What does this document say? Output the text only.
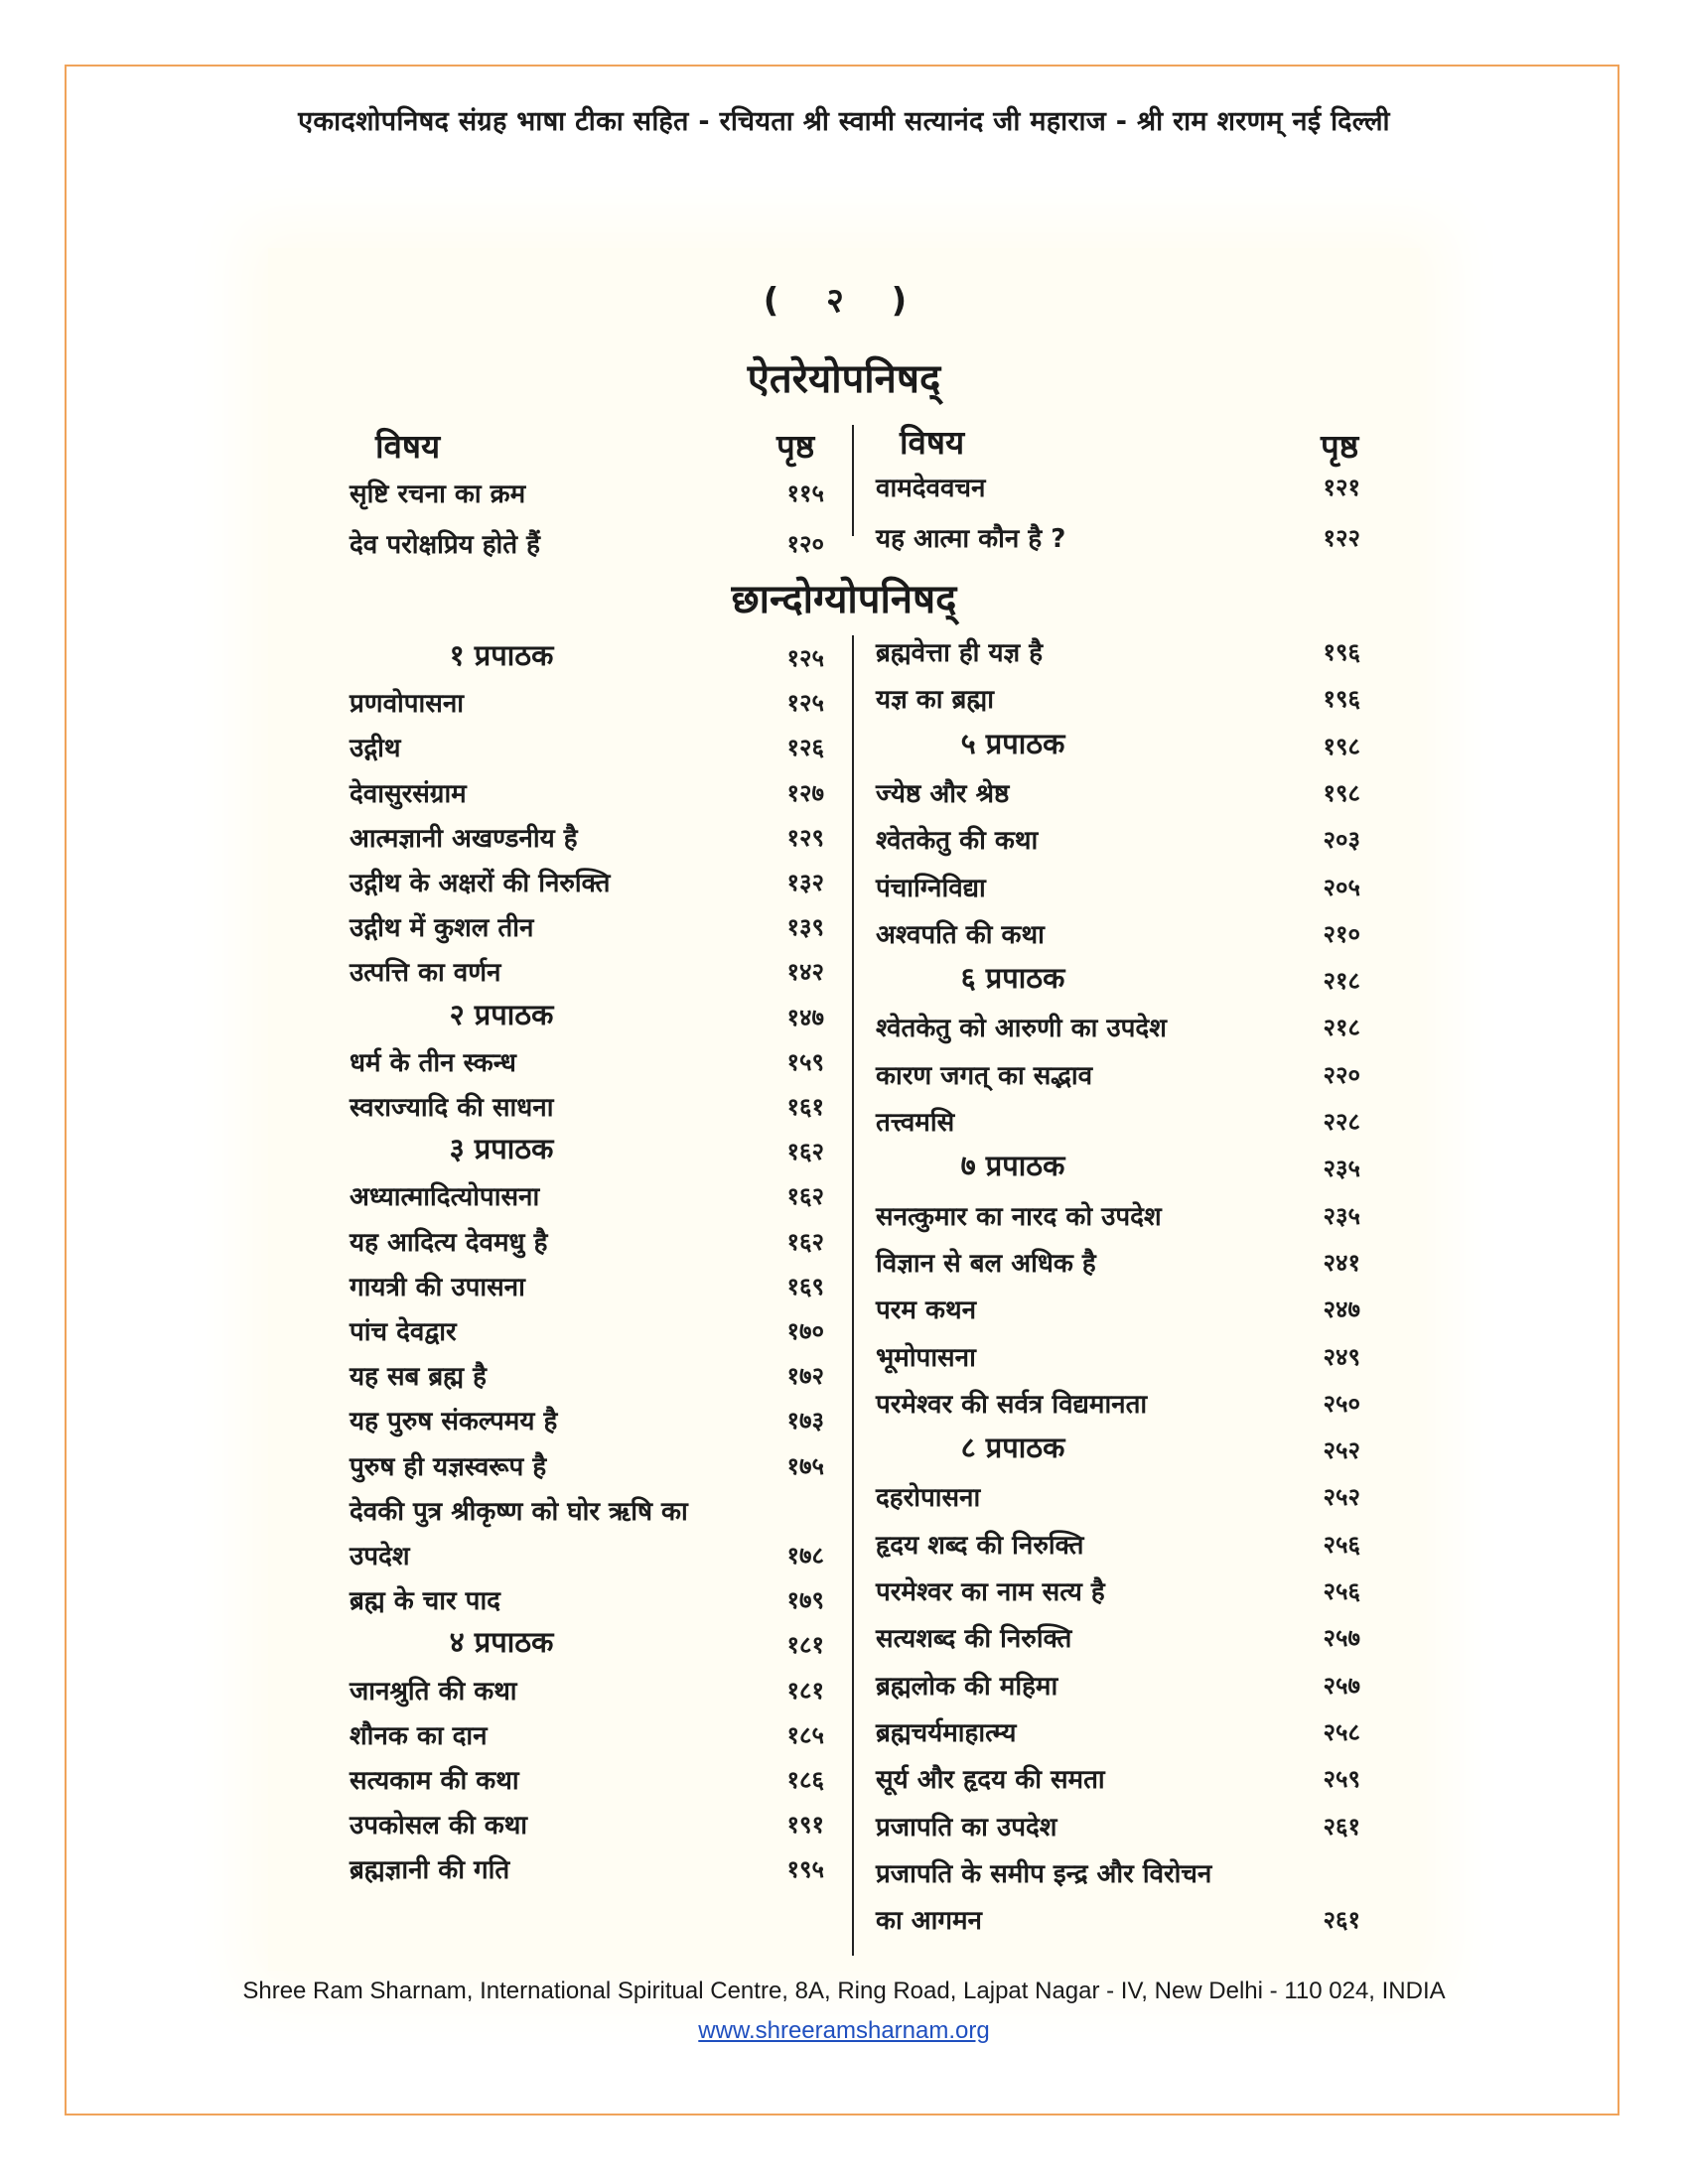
एकादशोपनिषद संग्रह भाषा टीका सहित - रचियता श्री स्वामी सत्यानंद जी महाराज - श्री राम शरणम् नई दिल्ली
( २ )
ऐतरेयोपनिषद्
विषय	पृष्ठ	विषय	पृष्ठ
सृष्टि रचना का क्रम	११५
देव परोक्षप्रिय होते हैं	१२०
वामदेववचन	१२१
यह आत्मा कौन है ?	१२२
छान्दोग्योपनिषद्
१ प्रपाठक	१२५
प्रणवोपासना	१२५
उद्गीथ	१२६
देवासुरसंग्राम	१२७
आत्मज्ञानी अखण्डनीय है	१२९
उद्गीथ के अक्षरों की निरुक्ति	१३२
उद्गीथ में कुशल तीन	१३९
उत्पत्ति का वर्णन	१४२
२ प्रपाठक	१४७
धर्म के तीन स्कन्ध	१५९
स्वराज्यादि की साधना	१६१
३ प्रपाठक	१६२
अध्यात्मादित्योपासना	१६२
यह आदित्य देवमधु है	१६२
गायत्री की उपासना	१६९
पांच देवद्वार	१७०
यह सब ब्रह्म है	१७२
यह पुरुष संकल्पमय है	१७३
पुरुष ही यज्ञस्वरूप है	१७५
देवकी पुत्र श्रीकृष्ण को घोर ऋषि का
उपदेश	१७८
ब्रह्म के चार पाद	१७९
४ प्रपाठक	१८१
जानश्रुति की कथा	१८१
शौनक का दान	१८५
सत्यकाम की कथा	१८६
उपकोसल की कथा	१९१
ब्रह्मज्ञानी की गति	१९५
ब्रह्मवेत्ता ही यज्ञ है	१९६
यज्ञ का ब्रह्मा	१९६
५ प्रपाठक	१९८
ज्येष्ठ और श्रेष्ठ	१९८
श्वेतकेतु की कथा	२०३
पंचाग्निविद्या	२०५
अश्वपति की कथा	२१०
६ प्रपाठक	२१८
श्वेतकेतु को आरुणी का उपदेश	२१८
कारण जगत् का सद्भाव	२२०
तत्त्वमसि	२२८
७ प्रपाठक	२३५
सनत्कुमार का नारद को उपदेश	२३५
विज्ञान से बल अधिक है	२४१
परम कथन	२४७
भूमोपासना	२४९
परमेश्वर की सर्वत्र विद्यमानता	२५०
८ प्रपाठक	२५२
दहरोपासना	२५२
हृदय शब्द की निरुक्ति	२५६
परमेश्वर का नाम सत्य है	२५६
सत्यशब्द की निरुक्ति	२५७
ब्रह्मलोक की महिमा	२५७
ब्रह्मचर्यमाहात्म्य	२५८
सूर्य और हृदय की समता	२५९
प्रजापति का उपदेश	२६१
प्रजापति के समीप इन्द्र और विरोचन
का आगमन	२६१
Shree Ram Sharnam, International Spiritual Centre, 8A, Ring Road, Lajpat Nagar - IV, New Delhi - 110 024, INDIA
www.shreeramsharnam.org
